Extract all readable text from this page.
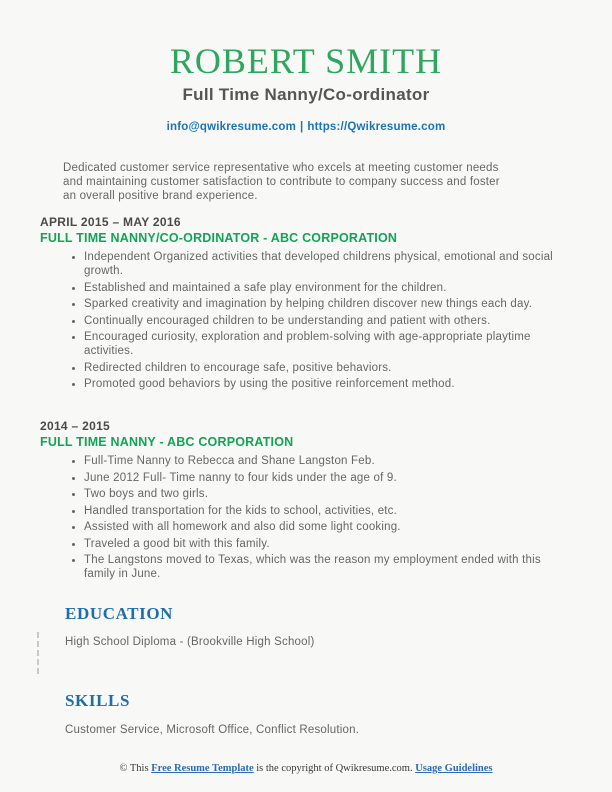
ROBERT SMITH
Full Time Nanny/Co-ordinator
info@qwikresume.com | https://Qwikresume.com
Dedicated customer service representative who excels at meeting customer needs and maintaining customer satisfaction to contribute to company success and foster an overall positive brand experience.
APRIL 2015 – MAY 2016
FULL TIME NANNY/CO-ORDINATOR - ABC CORPORATION
• Independent Organized activities that developed childrens physical, emotional and social growth.
• Established and maintained a safe play environment for the children.
• Sparked creativity and imagination by helping children discover new things each day.
• Continually encouraged children to be understanding and patient with others.
• Encouraged curiosity, exploration and problem-solving with age-appropriate playtime activities.
• Redirected children to encourage safe, positive behaviors.
• Promoted good behaviors by using the positive reinforcement method.
2014 – 2015
FULL TIME NANNY - ABC CORPORATION
• Full-Time Nanny to Rebecca and Shane Langston Feb.
• June 2012 Full- Time nanny to four kids under the age of 9.
• Two boys and two girls.
• Handled transportation for the kids to school, activities, etc.
• Assisted with all homework and also did some light cooking.
• Traveled a good bit with this family.
• The Langstons moved to Texas, which was the reason my employment ended with this family in June.
EDUCATION
High School Diploma - (Brookville High School)
SKILLS
Customer Service, Microsoft Office, Conflict Resolution.
© This Free Resume Template is the copyright of Qwikresume.com. Usage Guidelines
